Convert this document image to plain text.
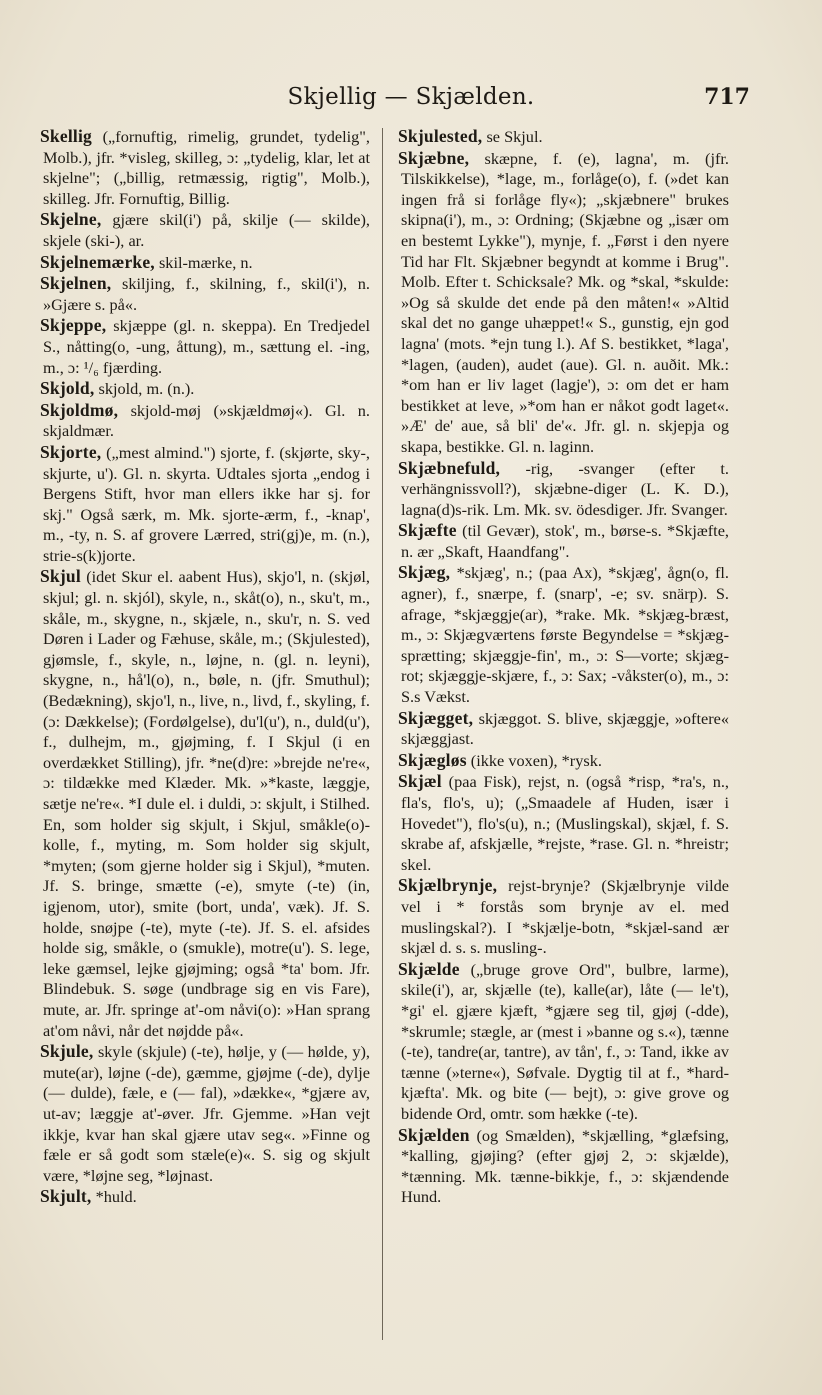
Skjellig — Skjælden.	717

Skellig („fornuftig, rimelig, grundet, tydelig", Molb.), jfr. *visleg, skilleg, ɔ: „tydelig, klar, let at skjelne"; („billig, retmæssig, rigtig", Molb.), skilleg. Jfr. Fornuftig, Billig.

Skjelne, gjære skil(i') på, skilje (— skilde), skjele (ski-), ar.

Skjelnemærke, skil-mærke, n.

Skjelnen, skiljing, f., skilning, f., skil(i'), n. »Gjære s. på«.

Skjeppe, skjæppe (gl. n. skeppa). En Tredjedel S., nåtting(o, -ung, åttung), m., sættung el. -ing, m., ɔ: ¹/₆ fjærding.

Skjold, skjold, m. (n.).

Skjoldmø, skjold-møj (»skjældmøj«). Gl. n. skjaldmær.

Skjorte, („mest almind.") sjorte, f. (skjørte, sky-, skjurte, u'). Gl. n. skyrta. Udtales sjorta „endog i Bergens Stift, hvor man ellers ikke har sj. for skj." Også særk, m. Mk. sjorte-ærm, f., -knap', m., -ty, n. S. af grovere Lærred, stri(gj)e, m. (n.), strie-s(k)jorte.

Skjul (idet Skur el. aabent Hus), skjo'l, n. (skjøl, skjul; gl. n. skjól), skyle, n., skåt(o), n., sku't, m., skåle, m., skygne, n., skjæle, n., sku'r, n. S. ved Døren i Lader og Fæhuse, skåle, m.; (Skjulested), gjømsle, f., skyle, n., løjne, n. (gl. n. leyni), skygne, n., hå'l(o), n., bøle, n. (jfr. Smuthul); (Bedækning), skjo'l, n., live, n., livd, f., skyling, f. (ɔ: Dækkelse); (Fordølgelse), du'l(u'), n., duld(u'), f., dulhejm, m., gjøjming, f. I Skjul (i en overdækket Stilling), jfr. *ne(d)re: »brejde ne're«, ɔ: tildække med Klæder. Mk. »*kaste, læggje, sætje ne're«. *I dule el. i duldi, ɔ: skjult, i Stilhed. En, som holder sig skjult, i Skjul, småkle(o)-kolle, f., myting, m. Som holder sig skjult, *myten; (som gjerne holder sig i Skjul), *muten. Jf. S. bringe, smætte (-e), smyte (-te) (in, igjenom, utor), smite (bort, unda', væk). Jf. S. holde, snøjpe (-te), myte (-te). Jf. S. el. afsides holde sig, småkle, o (smukle), motre(u'). S. lege, leke gæmsel, lejke gjøjming; også *ta' bom. Jfr. Blindebuk. S. søge (undbrage sig en vis Fare), mute, ar. Jfr. springe at'-om nåvi(o): »Han sprang at'om nåvi, når det nøjdde på«.

Skjule, skyle (skjule) (-te), hølje, y (— hølde, y), mute(ar), løjne (-de), gæmme, gjøjme (-de), dylje (— dulde), fæle, e (— fal), »dække«, *gjære av, ut-av; læggje at'-øver. Jfr. Gjemme. »Han vejt ikkje, kvar han skal gjære utav seg«. »Finne og fæle er så godt som stæle(e)«. S. sig og skjult være, *løjne seg, *løjnast.

Skjult, *huld.

Skjulested, se Skjul.

Skjæbne, skæpne, f. (e), lagna', m. (jfr. Tilskikkelse), *lage, m., forlåge(o), f. (»det kan ingen frå si forlåge fly«); „skjæbnere" brukes skipna(i'), m., ɔ: Ordning; (Skjæbne og „især om en bestemt Lykke"), mynje, f. „Først i den nyere Tid har Flt. Skjæbner begyndt at komme i Brug". Molb. Efter t. Schicksale? Mk. og *skal, *skulde: »Og så skulde det ende på den måten!« »Altid skal det no gange uhæppet!« S., gunstig, ejn god lagna' (mots. *ejn tung l.). Af S. bestikket, *laga', *lagen, (auden), audet (aue). Gl. n. auðit. Mk.: *om han er liv laget (lagje'), ɔ: om det er ham bestikket at leve, »*om han er nåkot godt laget«. »Æ' de' aue, så bli' de'«. Jfr. gl. n. skjepja og skapa, bestikke. Gl. n. laginn.

Skjæbnefuld, -rig, -svanger (efter t. verhängnissvoll?), skjæbne-diger (L. K. D.), lagna(d)s-rik. Lm. Mk. sv. ödesdiger. Jfr. Svanger.

Skjæfte (til Gevær), stok', m., børse-s. *Skjæfte, n. ær „Skaft, Haandfang".

Skjæg, *skjæg', n.; (paa Ax), *skjæg', ågn(o, fl. agner), f., snærpe, f. (snarp', -e; sv. snärp). S. afrage, *skjæggje(ar), *rake. Mk. *skjæg-bræst, m., ɔ: Skjægværtens første Begyndelse = *skjæg-sprætting; skjæggje-fin', m., ɔ: S—vorte; skjæg-rot; skjæggje-skjære, f., ɔ: Sax; -våkster(o), m., ɔ: S.s Vækst.

Skjægget, skjæggot. S. blive, skjæggje, »oftere« skjæggjast.

Skjægløs (ikke voxen), *rysk.

Skjæl (paa Fisk), rejst, n. (også *risp, *ra's, n., fla's, flo's, u); („Smaadele af Huden, især i Hovedet"), flo's(u), n.; (Muslingskal), skjæl, f. S. skrabe af, afskjælle, *rejste, *rase. Gl. n. *hreistr; skel.

Skjælbrynje, rejst-brynje? (Skjælbrynje vilde vel i * forstås som brynje av el. med muslingskal?). I *skjælje-botn, *skjæl-sand ær skjæl d. s. s. musling-.

Skjælde („bruge grove Ord", bulbre, larme), skile(i'), ar, skjælle (te), kalle(ar), låte (— le't), *gi' el. gjære kjæft, *gjære seg til, gjøj (-dde), *skrumle; stægle, ar (mest i »banne og s.«), tænne (-te), tandre(ar, tantre), av tån', f., ɔ: Tand, ikke av tænne (»terne«), Søfvale. Dygtig til at f., *hard-kjæfta'. Mk. og bite (— bejt), ɔ: give grove og bidende Ord, omtr. som hække (-te).

Skjælden (og Smælden), *skjælling, *glæfsing, *kalling, gjøjing? (efter gjøj 2, ɔ: skjælde), *tænning. Mk. tænne-bikkje, f., ɔ: skjændende Hund.
